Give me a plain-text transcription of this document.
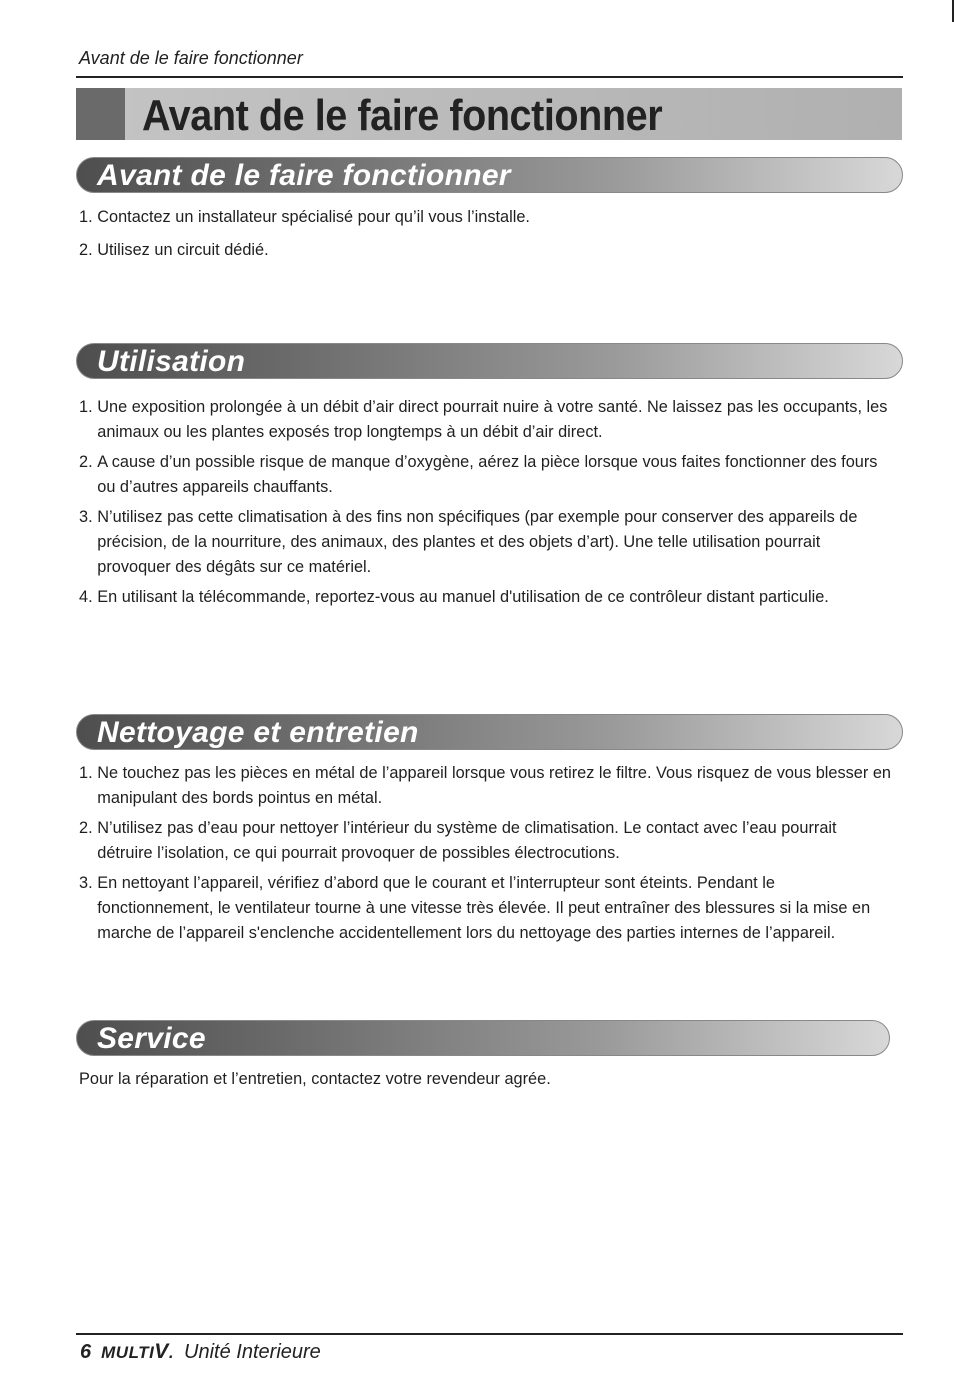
Avant de le faire fonctionner
Avant de le faire fonctionner
Avant de le faire fonctionner
1. Contactez un installateur spécialisé pour qu’il vous l’installe.
2. Utilisez un circuit dédié.
Utilisation
1. Une exposition prolongée à un débit d’air direct pourrait nuire à votre santé. Ne laissez pas les occupants, les animaux ou les plantes exposés trop longtemps à un débit d’air direct.
2. A cause d’un possible risque de manque d’oxygène, aérez la pièce lorsque vous faites fonctionner des fours ou d’autres appareils chauffants.
3. N’utilisez pas cette climatisation à des fins non spécifiques (par exemple pour conserver des appareils de précision, de la nourriture, des animaux, des plantes et des objets d’art). Une telle utilisation pourrait provoquer des dégâts sur ce matériel.
4. En utilisant la télécommande, reportez-vous au manuel d'utilisation de ce contrôleur distant particulie.
Nettoyage et entretien
1. Ne touchez pas les pièces en métal de l’appareil lorsque vous retirez le filtre. Vous risquez de vous blesser en manipulant des bords pointus en métal.
2. N’utilisez pas d’eau pour nettoyer l’intérieur du système de climatisation. Le contact avec l’eau pourrait détruire l’isolation, ce qui pourrait provoquer de possibles électrocutions.
3. En nettoyant l’appareil, vérifiez d’abord que le courant et l’interrupteur sont éteints. Pendant le fonctionnement, le ventilateur tourne à une vitesse très élevée. Il peut entraîner des blessures si la mise en marche de l’appareil s'enclenche accidentellement lors du nettoyage des parties internes de l’appareil.
Service
Pour la réparation et l’entretien, contactez votre revendeur agrée.
6 MULTIV. Unité Interieure
